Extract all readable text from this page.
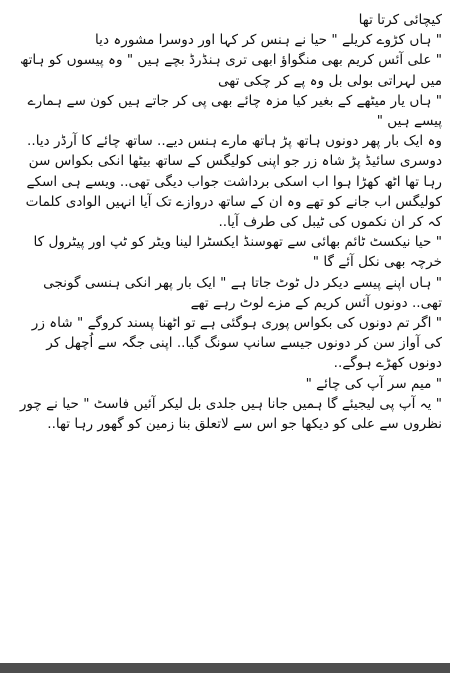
کیچائی کرتا تھا

" ہاں کڑوے کریلے " حیا نے ہنس کر کہا اور دوسرا مشورہ دیا

" علی آئس کریم بھی منگواؤ ابھی تری ہنڈرڈ بچے ہیں " وہ پیسوں کو ہاتھ میں لہراتی بولی بل وہ پے کر چکی تھی

" ہاں یار میٹھے کے بغیر کیا مزہ چائے بھی پی کر جاتے ہیں کون سے ہمارے پیسے ہیں "

وہ ایک بار پھر دونوں ہاتھ پڑ ہاتھ مارے ہنس دیے.. ساتھ چائے کا آرڈر دیا..

دوسری سائیڈ پڑ شاہ زر جو اپنی کولیگس کے ساتھ بیٹھا انکی بکواس سن رہا تھا اٹھ کھڑا ہوا اب اسکی برداشت جواب دیگی تھی.. ویسے ہی اسکے کولیگس اب جانے کو تھے وہ ان کے ساتھ دروازے تک آیا انہیں الوادی کلمات کہ کر ان نکموں کی ٹیبل کی طرف آیا..

" حیا نیکسٹ ٹائم بھائی سے تھوسنڈ ایکسٹرا لینا ویٹر کو ٹپ اور پیٹرول کا خرچہ بھی نکل آئے گا "

" ہاں اپنے پیسے دیکر دل ٹوٹ جاتا ہے " ایک بار پھر انکی ہنسی گونجی تھی.. دونوں آئس کریم کے مزے لوٹ رہے تھے

" اگر تم دونوں کی بکواس پوری ہوگئی ہے تو اٹھنا پسند کروگے " شاہ زر کی آواز سن کر دونوں جیسے سانپ سونگ گیا.. اپنی جگہ سے اُچھل کر دونوں کھڑے ہوگے..

" میم سر آپ کی چائے "

" یہ آپ پی لیجیئے گا ہمیں جانا ہیں جلدی بل لیکر آئیں فاسٹ " حیا نے چور نظروں سے علی کو دیکھا جو اس سے لاتعلق بنا زمین کو گھور رہا تھا..
